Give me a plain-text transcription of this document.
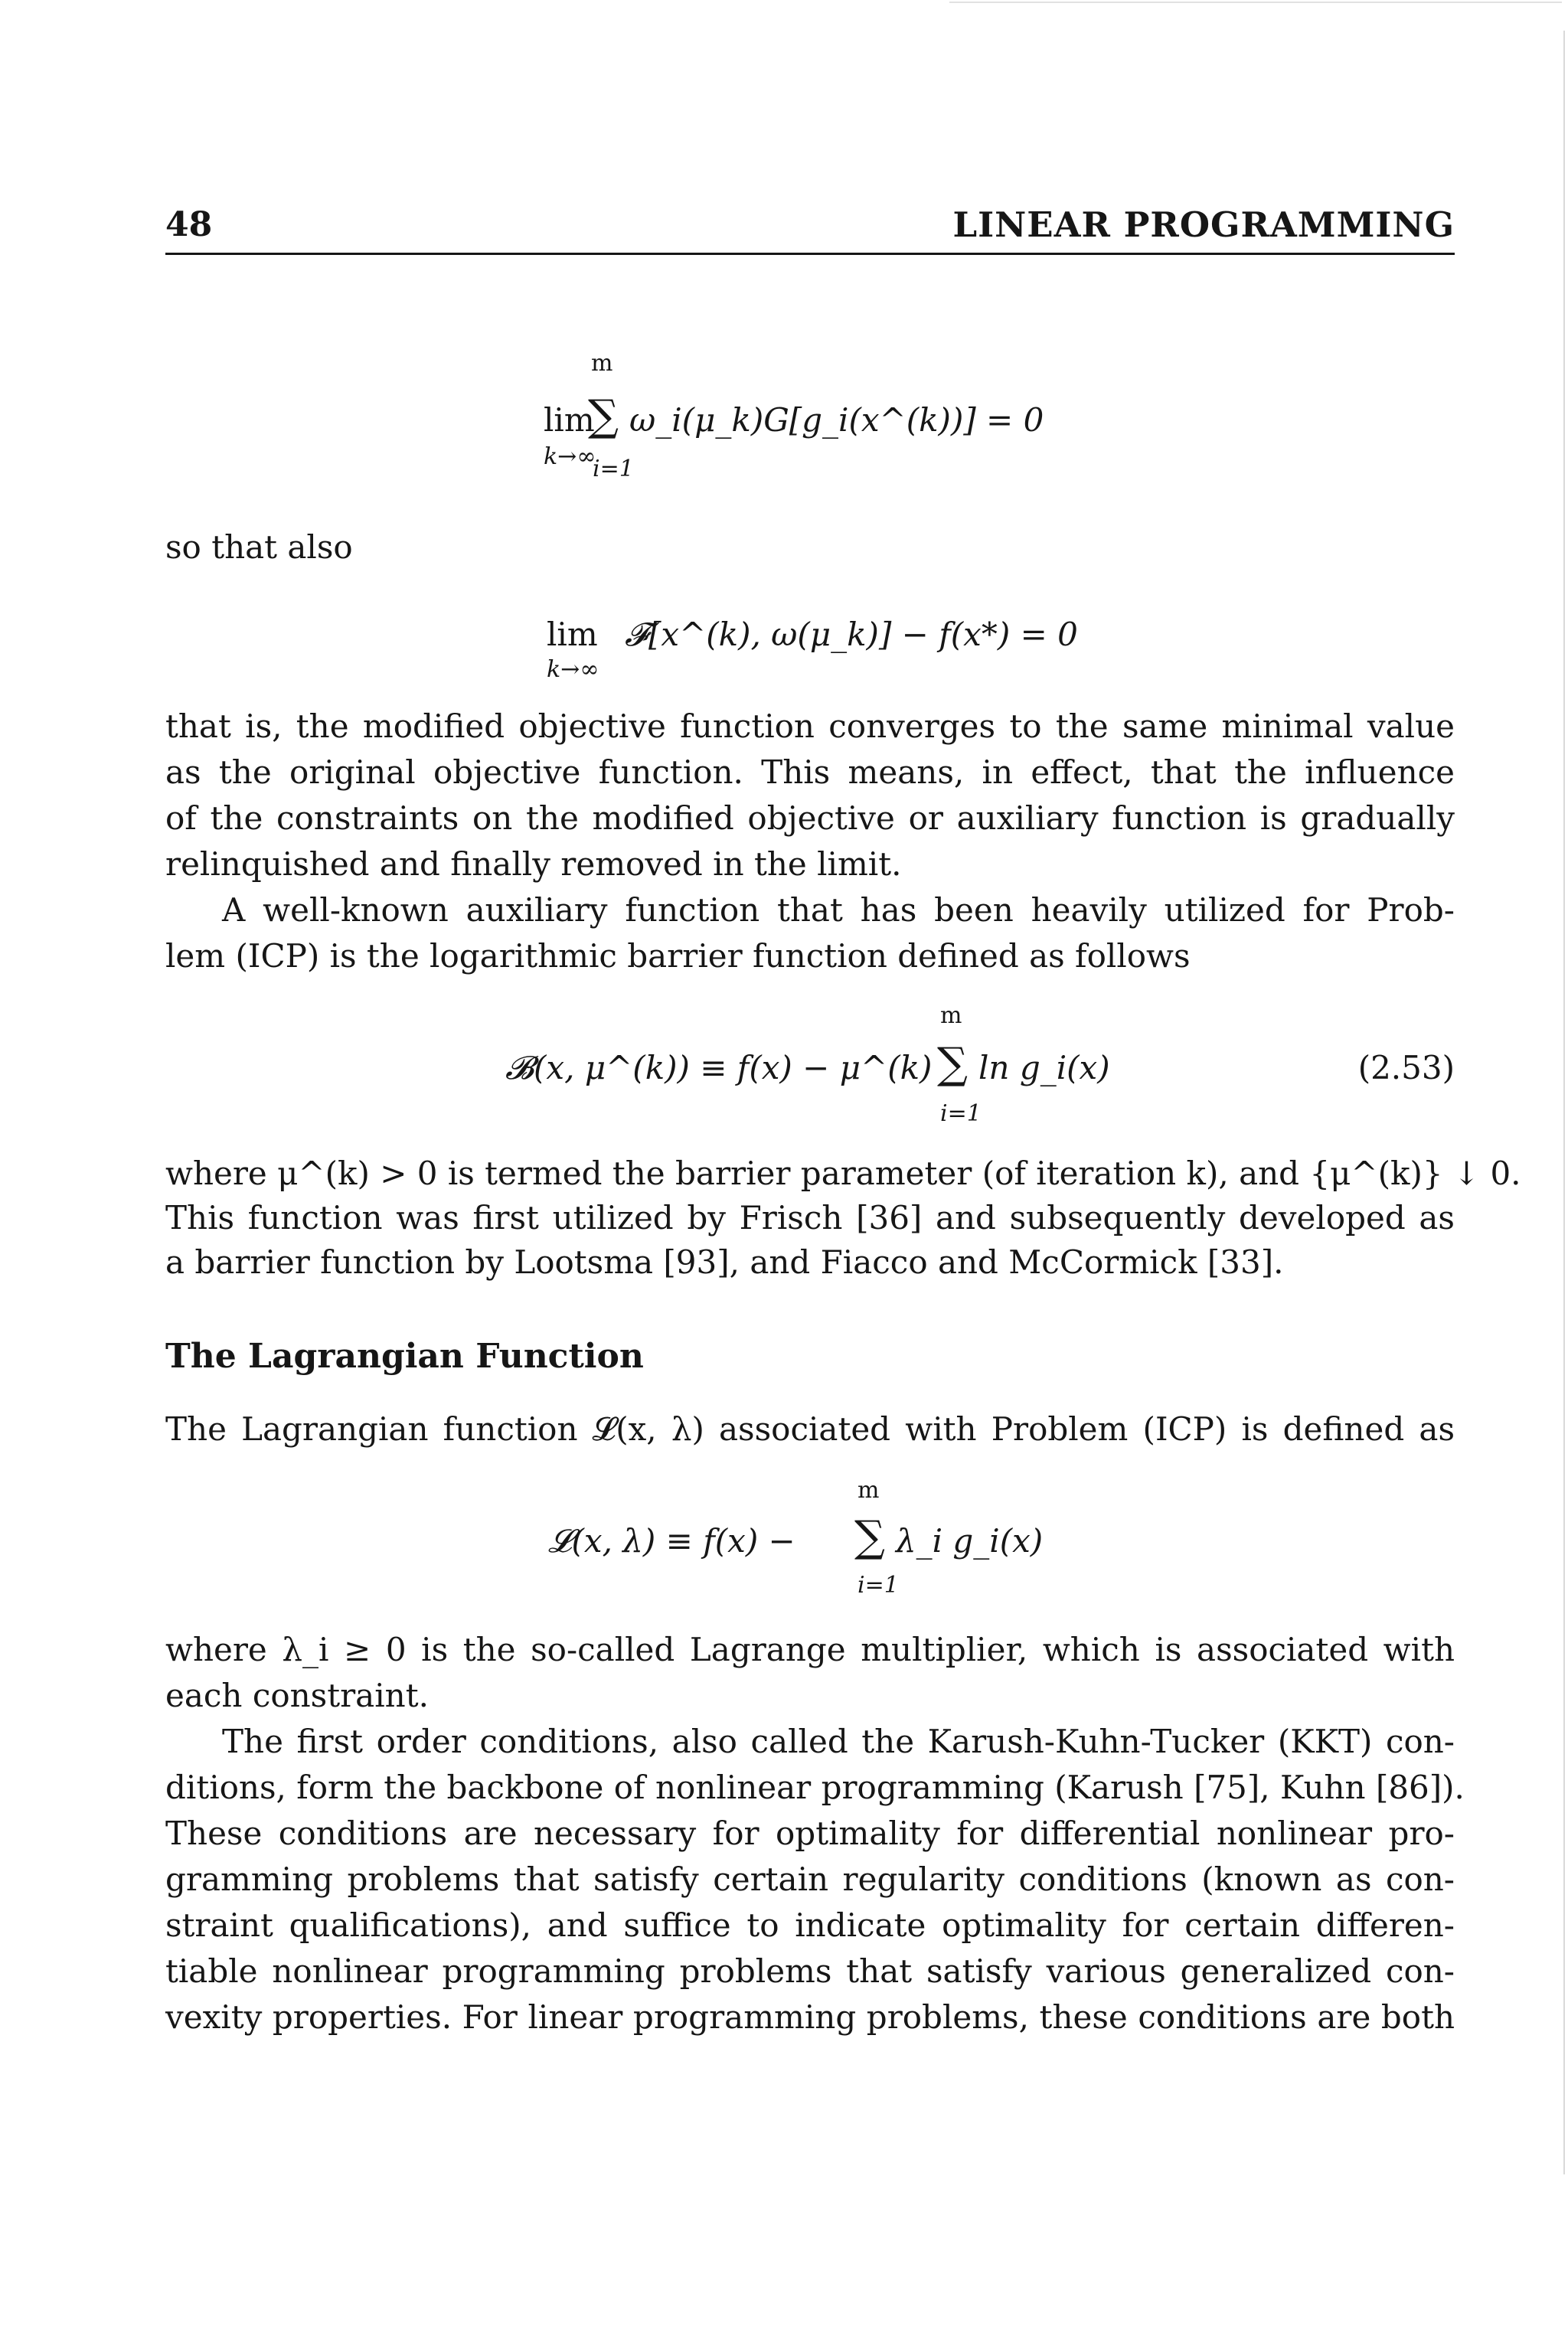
48	LINEAR PROGRAMMING
m
lim
∑ ω_i(μ_k)G[g_i(x^(k))] = 0
k→∞
i=1
so that also
lim 𝓕[x^(k), ω(μ_k)] − f(x*) = 0
k→∞
that is, the modified objective function converges to the same minimal value
as the original objective function. This means, in effect, that the influence
of the constraints on the modified objective or auxiliary function is gradually
relinquished and finally removed in the limit.
A well-known auxiliary function that has been heavily utilized for Prob-
lem (ICP) is the logarithmic barrier function defined as follows
m
𝓑(x, μ^(k)) ≡ f(x) − μ^(k) ∑ ln g_i(x)	(2.53)
i=1
where μ^(k) > 0 is termed the barrier parameter (of iteration k), and {μ^(k)} ↓ 0.
This function was first utilized by Frisch [36] and subsequently developed as
a barrier function by Lootsma [93], and Fiacco and McCormick [33].
The Lagrangian Function
The Lagrangian function 𝓛(x, λ) associated with Problem (ICP) is defined as
m
𝓛(x, λ) ≡ f(x) − ∑ λ_i g_i(x)
i=1
where λ_i ≥ 0 is the so-called Lagrange multiplier, which is associated with
each constraint.
The first order conditions, also called the Karush-Kuhn-Tucker (KKT) con-
ditions, form the backbone of nonlinear programming (Karush [75], Kuhn [86]).
These conditions are necessary for optimality for differential nonlinear pro-
gramming problems that satisfy certain regularity conditions (known as con-
straint qualifications), and suffice to indicate optimality for certain differen-
tiable nonlinear programming problems that satisfy various generalized con-
vexity properties. For linear programming problems, these conditions are both
